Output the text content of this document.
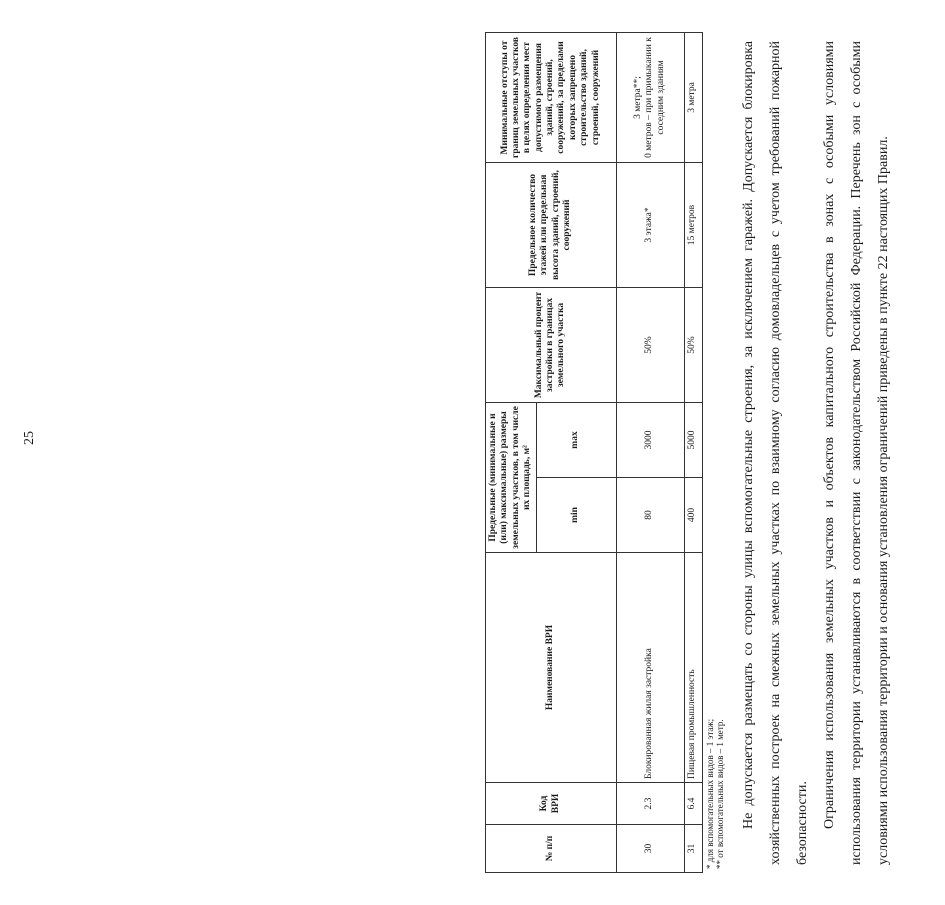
25
№ п/п	Код ВРИ	Наименование ВРИ	Предельные (минимальные и (или) максимальные) размеры земельных участков, в том числе их площадь, м²		Максимальный процент застройки в границах земельного участка	Предельное количество этажей или предельная высота зданий, строений, сооружений	Минимальные отступы от границ земельных участков в целях определения мест допустимого размещения зданий, строений, сооружений, за пределами которых запрещено строительство зданий, строений, сооружений
			min	max			
30	2.3	Блокированная жилая застройка	80	3000	50%	3 этажа*	3 метра**; 0 метров – при примыкании к соседним зданиям

31	6.4	Пищевая промышленность	400	5000	50%	15 метров	3 метра
* для вспомогательных видов – 1 этаж; ** от вспомогательных видов – 1 метр.	Не допускается размещать со стороны улицы вспомогательные строения, за исключением гаражей. Допускается блокировка хозяйственных построек на смежных земельных участках по взаимному согласию домовладельцев с учетом требований пожарной безопасности. Ограничения использования земельных участков и объектов капитального строительства в зонах с особыми условиями использования территории устанавливаются в соответствии с законодательством Российской Федерации. Перечень зон с особыми условиями использования территории и основания установления ограничений приведены в пункте 22 настоящих Правил.
